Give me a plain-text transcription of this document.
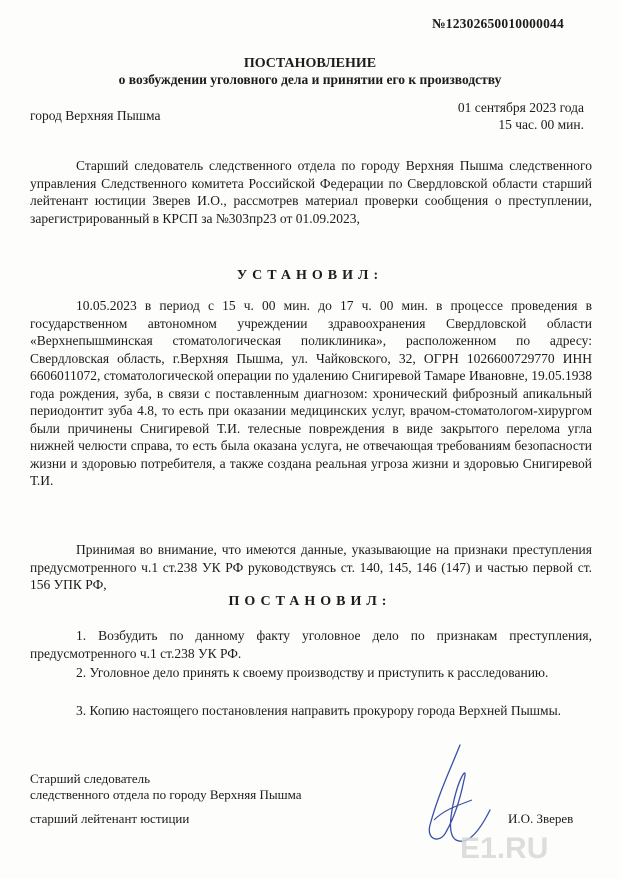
№12302650010000044
ПОСТАНОВЛЕНИЕ
о возбуждении уголовного дела и принятии его к производству
город Верхняя Пышма
01 сентября 2023 года
15 час. 00 мин.
Старший следователь следственного отдела по городу Верхняя Пышма следственного управления Следственного комитета Российской Федерации по Свердловской области старший лейтенант юстиции Зверев И.О., рассмотрев материал проверки сообщения о преступлении, зарегистрированный в КРСП за №303пр23 от 01.09.2023,
УСТАНОВИЛ:
10.05.2023 в период с 15 ч. 00 мин. до 17 ч. 00 мин. в процессе проведения в государственном автономном учреждении здравоохранения Свердловской области «Верхнепышминская стоматологическая поликлиника», расположенном по адресу: Свердловская область, г.Верхняя Пышма, ул. Чайковского, 32, ОГРН 1026600729770 ИНН 6606011072, стоматологической операции по удалению Снигиревой Тамаре Ивановне, 19.05.1938 года рождения, зуба, в связи с поставленным диагнозом: хронический фиброзный апикальный периодонтит зуба 4.8, то есть при оказании медицинских услуг, врачом-стоматологом-хирургом были причинены Снигиревой Т.И. телесные повреждения в виде закрытого перелома угла нижней челюсти справа, то есть была оказана услуга, не отвечающая требованиям безопасности жизни и здоровью потребителя, а также создана реальная угроза жизни и здоровью Снигиревой Т.И.
Принимая во внимание, что имеются данные, указывающие на признаки преступления предусмотренного ч.1 ст.238 УК РФ руководствуясь ст. 140, 145, 146 (147) и частью первой ст. 156 УПК РФ,
ПОСТАНОВИЛ:
1. Возбудить по данному факту уголовное дело по признакам преступления, предусмотренного ч.1 ст.238 УК РФ.
2. Уголовное дело принять к своему производству и приступить к расследованию.
3. Копию настоящего постановления направить прокурору города Верхней Пышмы.
Старший следователь
следственного отдела по городу Верхняя Пышма
старший лейтенант юстиции	И.О. Зверев
E1.RU
